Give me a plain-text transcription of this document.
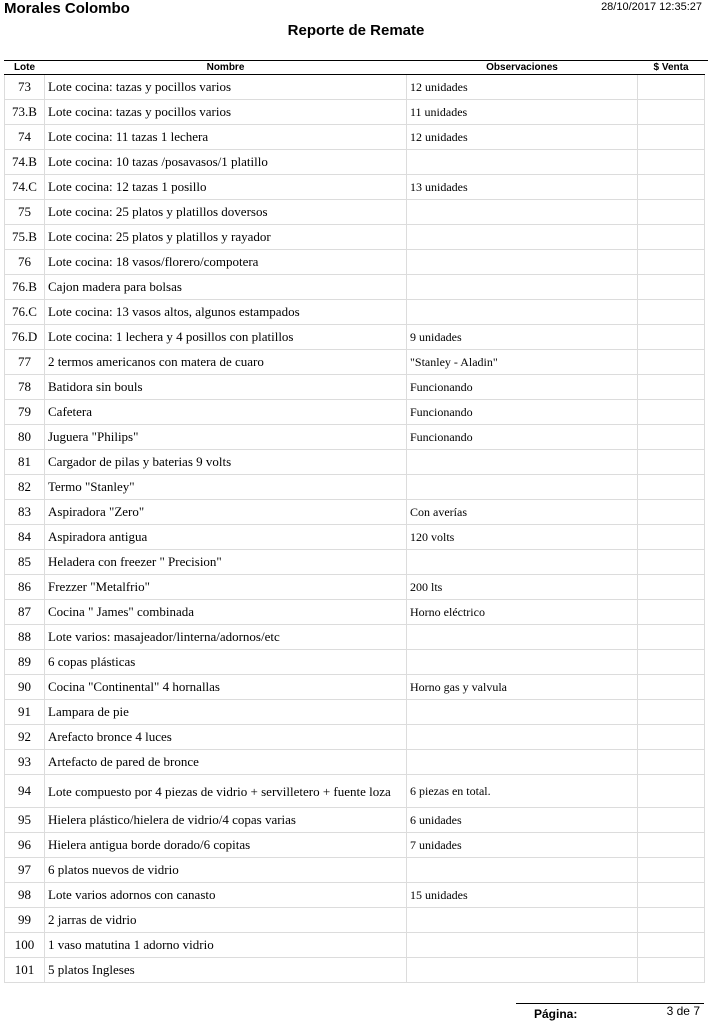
Morales Colombo	28/10/2017 12:35:27
Reporte de Remate
Lote	Nombre	Observaciones	$ Venta
73	Lote cocina: tazas y pocillos varios	12 unidades	
73.B	Lote cocina: tazas y pocillos varios	11 unidades	
74	Lote cocina: 11 tazas 1 lechera	12 unidades	
74.B	Lote cocina: 10 tazas /posavasos/1 platillo		
74.C	Lote cocina: 12 tazas 1 posillo	13 unidades	
75	Lote cocina: 25 platos y platillos doversos		
75.B	Lote cocina: 25 platos y platillos y rayador		
76	Lote cocina: 18 vasos/florero/compotera		
76.B	Cajon madera para bolsas		
76.C	Lote cocina: 13 vasos altos, algunos estampados		
76.D	Lote cocina: 1 lechera y 4 posillos con platillos	9 unidades	
77	2 termos americanos con matera de cuaro	"Stanley - Aladin"	
78	Batidora sin bouls	Funcionando	
79	Cafetera	Funcionando	
80	Juguera "Philips"	Funcionando	
81	Cargador de pilas y baterias 9 volts		
82	Termo "Stanley"		
83	Aspiradora "Zero"	Con averías	
84	Aspiradora antigua	120 volts	
85	Heladera con freezer " Precision"		
86	Frezzer "Metalfrio"	200 lts	
87	Cocina " James" combinada	Horno eléctrico	
88	Lote varios: masajeador/linterna/adornos/etc		
89	6 copas plásticas		
90	Cocina "Continental" 4 hornallas	Horno gas y valvula	
91	Lampara de pie		
92	Arefacto bronce 4 luces		
93	Artefacto de pared de bronce		
94	Lote compuesto por 4 piezas de vidrio + servilletero + fuente loza	6 piezas en total.	
95	Hielera plástico/hielera de vidrio/4 copas varias	6 unidades	
96	Hielera antigua borde dorado/6 copitas	7 unidades	
97	6 platos nuevos de vidrio		
98	Lote varios adornos con canasto	15 unidades	
99	2 jarras de vidrio		
100	1 vaso matutina 1 adorno vidrio		
101	5 platos Ingleses		
Página:	3 de 7
